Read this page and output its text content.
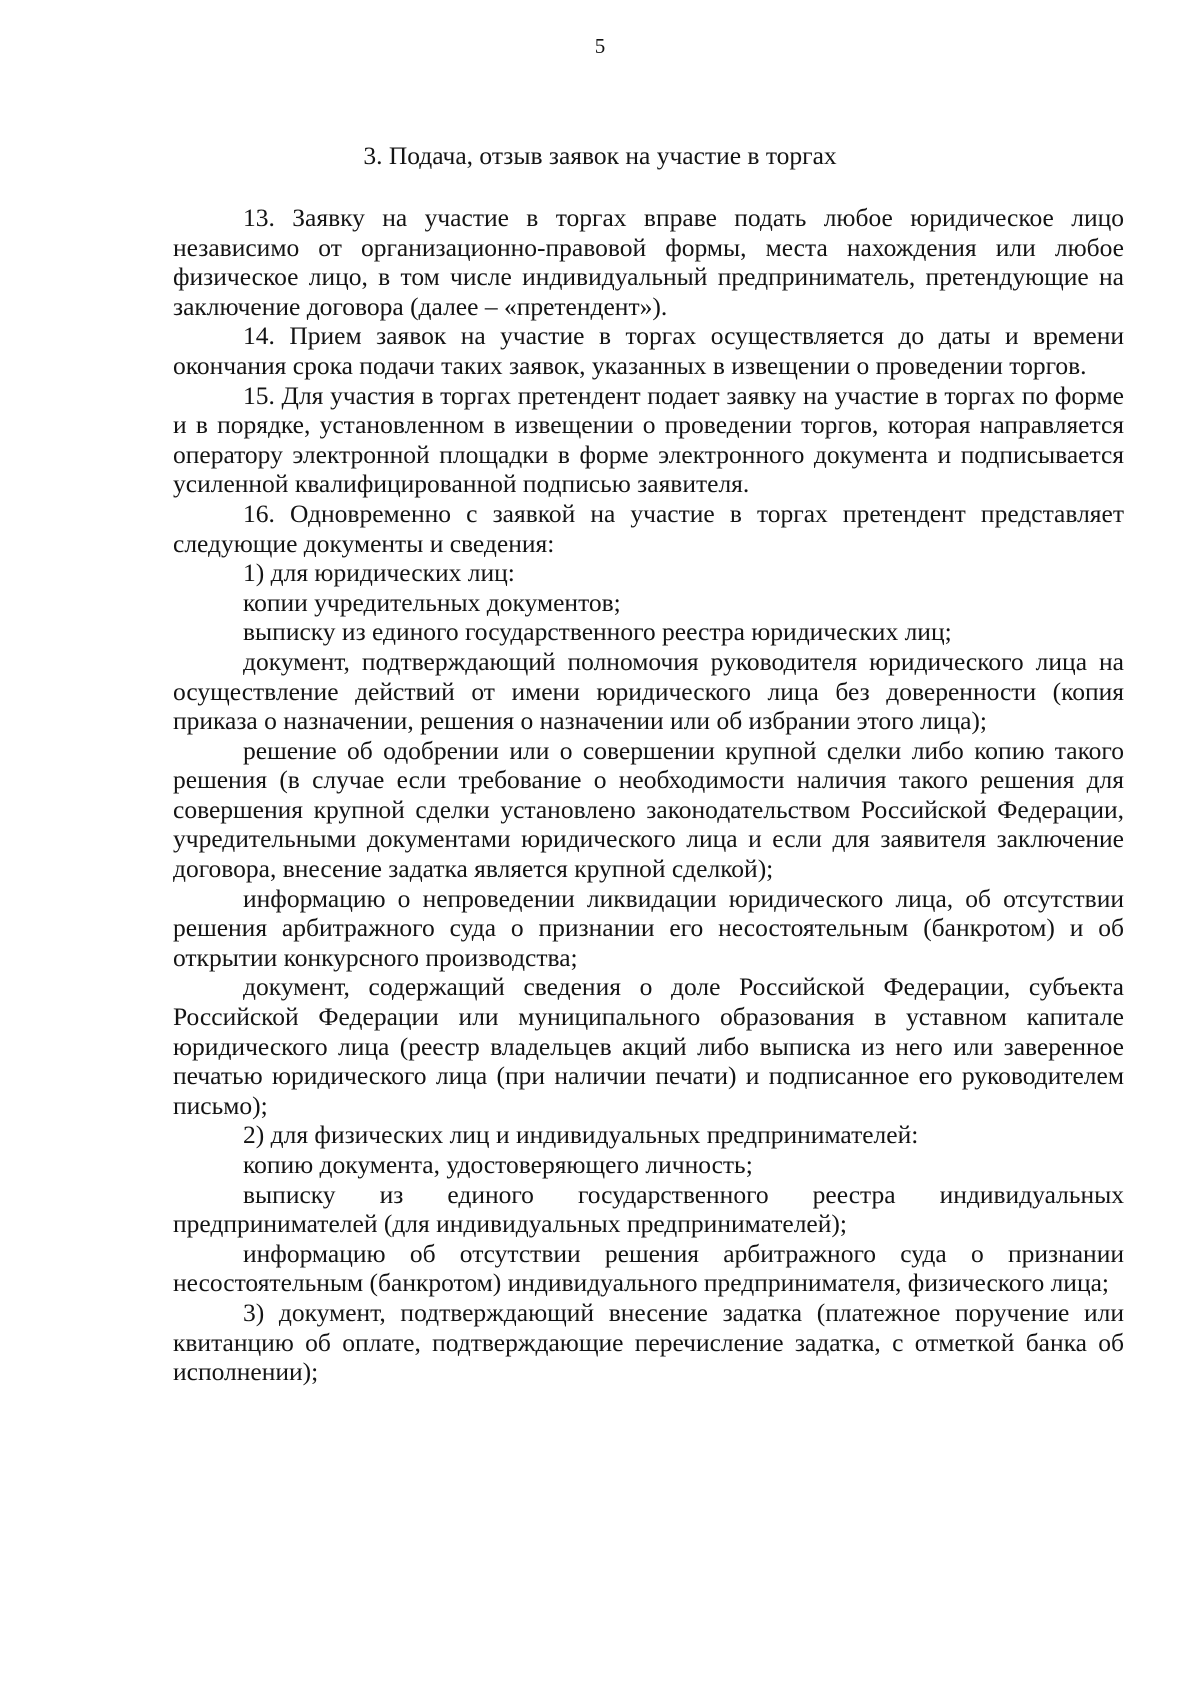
5
3. Подача, отзыв заявок на участие в торгах

13. Заявку на участие в торгах вправе подать любое юридическое лицо независимо от организационно-правовой формы, места нахождения или любое физическое лицо, в том числе индивидуальный предприниматель, претендующие на заключение договора (далее – «претендент»).

14. Прием заявок на участие в торгах осуществляется до даты и времени окончания срока подачи таких заявок, указанных в извещении о проведении торгов.

15. Для участия в торгах претендент подает заявку на участие в торгах по форме и в порядке, установленном в извещении о проведении торгов, которая направляется оператору электронной площадки в форме электронного документа и подписывается усиленной квалифицированной подписью заявителя.

16. Одновременно с заявкой на участие в торгах претендент представляет следующие документы и сведения:

1) для юридических лиц:

копии учредительных документов;

выписку из единого государственного реестра юридических лиц;

документ, подтверждающий полномочия руководителя юридического лица на осуществление действий от имени юридического лица без доверенности (копия приказа о назначении, решения о назначении или об избрании этого лица);

решение об одобрении или о совершении крупной сделки либо копию такого решения (в случае если требование о необходимости наличия такого решения для совершения крупной сделки установлено законодательством Российской Федерации, учредительными документами юридического лица и если для заявителя заключение договора, внесение задатка является крупной сделкой);

информацию о непроведении ликвидации юридического лица, об отсутствии решения арбитражного суда о признании его несостоятельным (банкротом) и об открытии конкурсного производства;

документ, содержащий сведения о доле Российской Федерации, субъекта Российской Федерации или муниципального образования в уставном капитале юридического лица (реестр владельцев акций либо выписка из него или заверенное печатью юридического лица (при наличии печати) и подписанное его руководителем письмо);

2) для физических лиц и индивидуальных предпринимателей:

копию документа, удостоверяющего личность;

выписку из единого государственного реестра индивидуальных предпринимателей (для индивидуальных предпринимателей);

информацию об отсутствии решения арбитражного суда о признании несостоятельным (банкротом) индивидуального предпринимателя, физического лица;

3) документ, подтверждающий внесение задатка (платежное поручение или квитанцию об оплате, подтверждающие перечисление задатка, с отметкой банка об исполнении);
